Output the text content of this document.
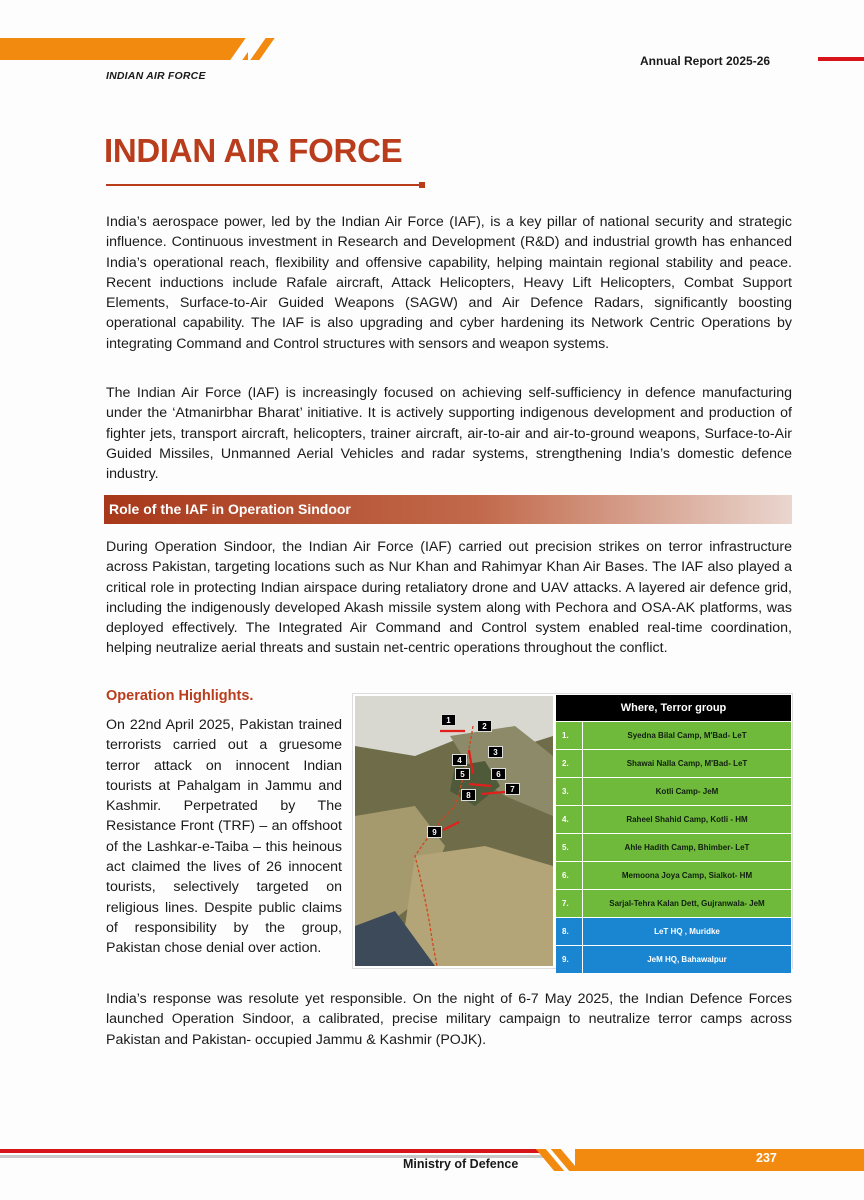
INDIAN AIR FORCE
Annual Report 2025-26
INDIAN AIR FORCE

India’s aerospace power, led by the Indian Air Force (IAF), is a key pillar of national security and strategic influence. Continuous investment in Research and Development (R&D) and industrial growth has enhanced India’s operational reach, flexibility and offensive capability, helping maintain regional stability and peace. Recent inductions include Rafale aircraft, Attack Helicopters, Heavy Lift Helicopters, Combat Support Elements, Surface-to-Air Guided Weapons (SAGW) and Air Defence Radars, significantly boosting operational capability. The IAF is also upgrading and cyber hardening its Network Centric Operations by integrating Command and Control structures with sensors and weapon systems.

The Indian Air Force (IAF) is increasingly focused on achieving self-sufficiency in defence manufacturing under the ‘Atmanirbhar Bharat’ initiative. It is actively supporting indigenous development and production of fighter jets, transport aircraft, helicopters, trainer aircraft, air-to-air and air-to-ground weapons, Surface-to-Air Guided Missiles, Unmanned Aerial Vehicles and radar systems, strengthening India’s domestic defence industry.

Role of the IAF in Operation Sindoor

During Operation Sindoor, the Indian Air Force (IAF) carried out precision strikes on terror infrastructure across Pakistan, targeting locations such as Nur Khan and Rahimyar Khan Air Bases. The IAF also played a critical role in protecting Indian airspace during retaliatory drone and UAV attacks. A layered air defence grid, including the indigenously developed Akash missile system along with Pechora and OSA-AK platforms, was deployed effectively. The Integrated Air Command and Control system enabled real-time coordination, helping neutralize aerial threats and sustain net-centric operations throughout the conflict.

Operation Highlights.

On 22nd April 2025, Pakistan trained terrorists carried out a gruesome terror attack on innocent Indian tourists at Pahalgam in Jammu and Kashmir. Perpetrated by The Resistance Front (TRF) – an offshoot of the Lashkar-e-Taiba – this heinous act claimed the lives of 26 innocent tourists, selectively targeted on religious lines. Despite public claims of responsibility by the group, Pakistan chose denial over action.

1
2
3
4
5	6
7
8
9
Where, Terror group	
1.	Syedna Bilal Camp, M'Bad- LeT
2.	Shawai Nalla Camp, M'Bad- LeT
3.	Kotli Camp- JeM
4.	Raheel Shahid Camp, Kotli - HM
5.	Ahle Hadith Camp, Bhimber- LeT
6.	Memoona Joya Camp, Sialkot- HM
7.	Sarjal-Tehra Kalan Dett, Gujranwala- JeM
8.	LeT HQ , Muridke
9.	JeM HQ, Bahawalpur

India’s response was resolute yet responsible. On the night of 6-7 May 2025, the Indian Defence Forces launched Operation Sindoor, a calibrated, precise military campaign to neutralize terror camps across Pakistan and Pakistan- occupied Jammu & Kashmir (POJK).

Ministry of Defence	237
